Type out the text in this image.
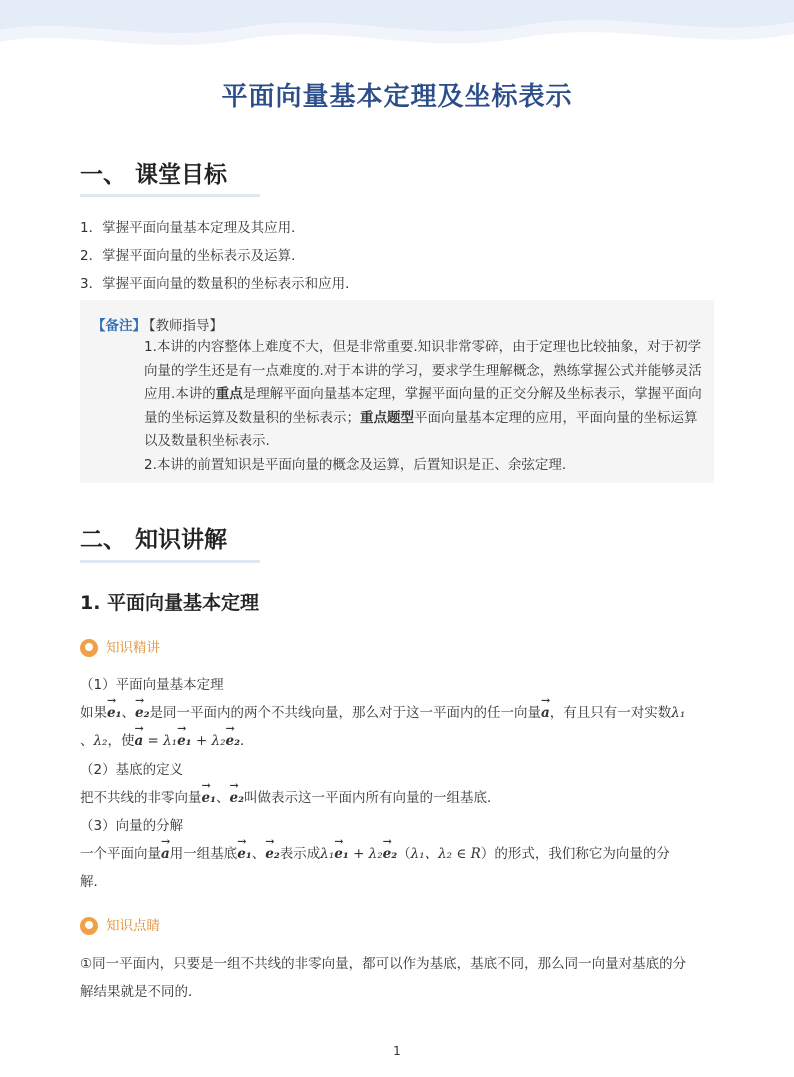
平面向量基本定理及坐标表示
一、 课堂目标
1．掌握平面向量基本定理及其应用．
2．掌握平面向量的坐标表示及运算．
3．掌握平面向量的数量积的坐标表示和应用．
【备注】
【教师指导】

1.本讲的内容整体上难度不大，但是非常重要.知识非常零碎，由于定理也比较抽象，对于初学向量的学生还是有一点难度的.对于本讲的学习，要求学生理解概念，熟练掌握公式并能够灵活应用.本讲的重点是理解平面向量基本定理，掌握平面向量的正交分解及坐标表示，掌握平面向量的坐标运算及数量积的坐标表示；重点题型平面向量基本定理的应用，平面向量的坐标运算以及数量积坐标表示.

2.本讲的前置知识是平面向量的概念及运算，后置知识是正、余弦定理.

二、 知识讲解
1. 平面向量基本定理
知识精讲
（1）平面向量基本定理
如果→ e₁、→ e₂是同一平面内的两个不共线向量，那么对于这一平面内的任一向量→ a，有且只有一对实数λ₁
、λ₂，使→ a = λ₁→ e₁ + λ₂→ e₂．
（2）基底的定义
把不共线的非零向量→ e₁、→ e₂叫做表示这一平面内所有向量的一组基底．
（3）向量的分解
一个平面向量→ a用一组基底→ e₁、→ e₂表示成λ₁→ e₁ + λ₂→ e₂（λ₁、λ₂ ∈ R）的形式，我们称它为向量的分
解．
知识点睛
①同一平面内，只要是一组不共线的非零向量，都可以作为基底，基底不同，那么同一向量对基底的分
解结果就是不同的．
1
